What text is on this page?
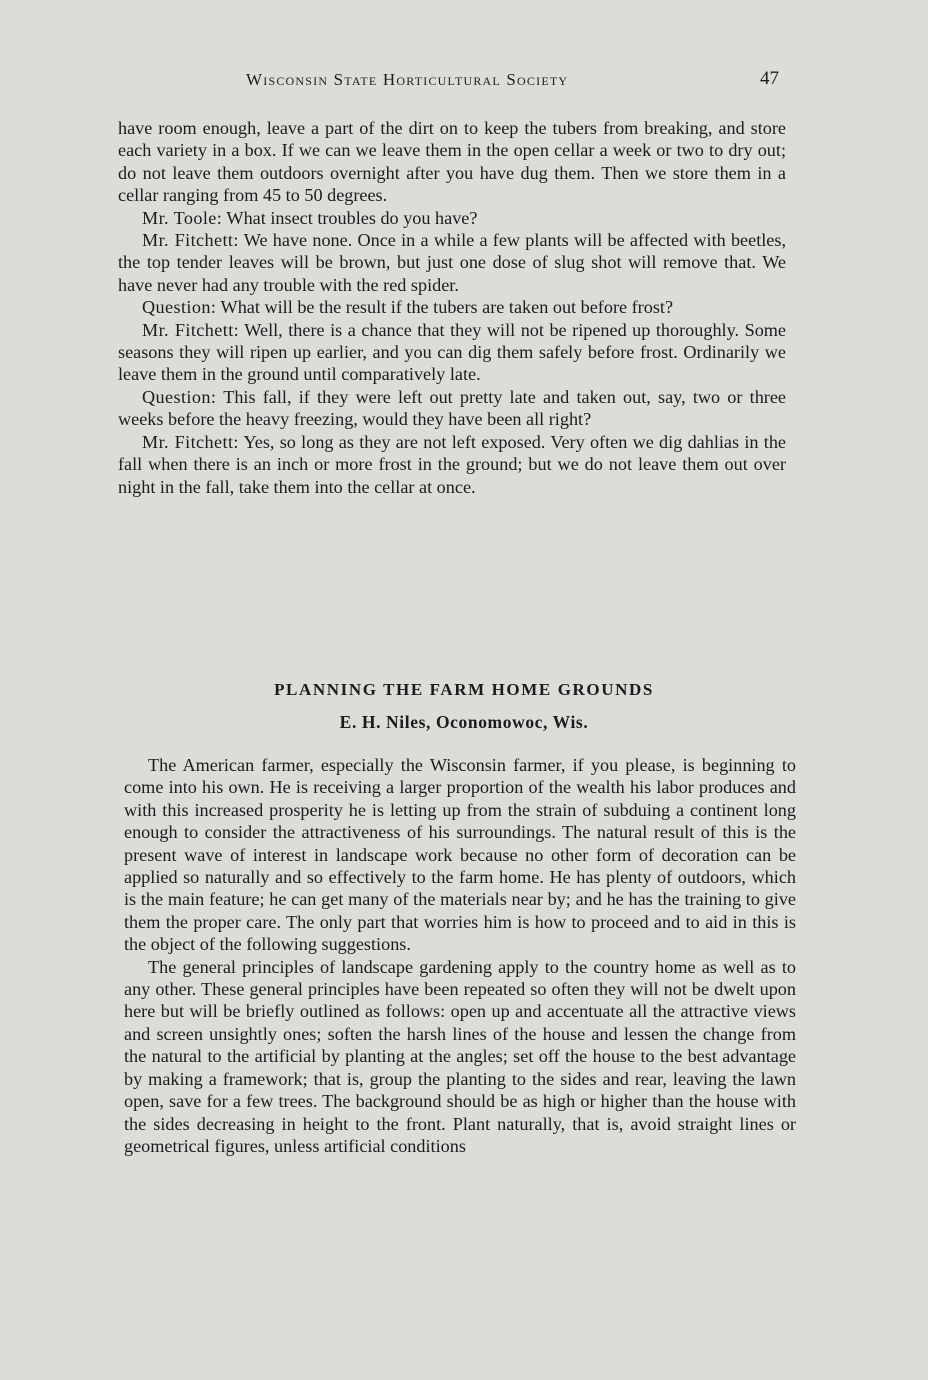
Wisconsin State Horticultural Society	47

have room enough, leave a part of the dirt on to keep the tubers from breaking, and store each variety in a box. If we can we leave them in the open cellar a week or two to dry out; do not leave them outdoors overnight after you have dug them. Then we store them in a cellar ranging from 45 to 50 degrees.

Mr. Toole: What insect troubles do you have?

Mr. Fitchett: We have none. Once in a while a few plants will be affected with beetles, the top tender leaves will be brown, but just one dose of slug shot will remove that. We have never had any trouble with the red spider.

Question: What will be the result if the tubers are taken out before frost?

Mr. Fitchett: Well, there is a chance that they will not be ripened up thoroughly. Some seasons they will ripen up earlier, and you can dig them safely before frost. Ordinarily we leave them in the ground until comparatively late.

Question: This fall, if they were left out pretty late and taken out, say, two or three weeks before the heavy freezing, would they have been all right?

Mr. Fitchett: Yes, so long as they are not left exposed. Very often we dig dahlias in the fall when there is an inch or more frost in the ground; but we do not leave them out over night in the fall, take them into the cellar at once.

PLANNING THE FARM HOME GROUNDS
E. H. Niles, Oconomowoc, Wis.

The American farmer, especially the Wisconsin farmer, if you please, is beginning to come into his own. He is receiving a larger proportion of the wealth his labor produces and with this increased prosperity he is letting up from the strain of subduing a continent long enough to consider the attractiveness of his surroundings. The natural result of this is the present wave of interest in landscape work because no other form of decoration can be applied so naturally and so effectively to the farm home. He has plenty of outdoors, which is the main feature; he can get many of the materials near by; and he has the training to give them the proper care. The only part that worries him is how to proceed and to aid in this is the object of the following suggestions.

The general principles of landscape gardening apply to the country home as well as to any other. These general principles have been repeated so often they will not be dwelt upon here but will be briefly outlined as follows: open up and accentuate all the attractive views and screen unsightly ones; soften the harsh lines of the house and lessen the change from the natural to the artificial by planting at the angles; set off the house to the best advantage by making a framework; that is, group the planting to the sides and rear, leaving the lawn open, save for a few trees. The background should be as high or higher than the house with the sides decreasing in height to the front. Plant naturally, that is, avoid straight lines or geometrical figures, unless artificial conditions
